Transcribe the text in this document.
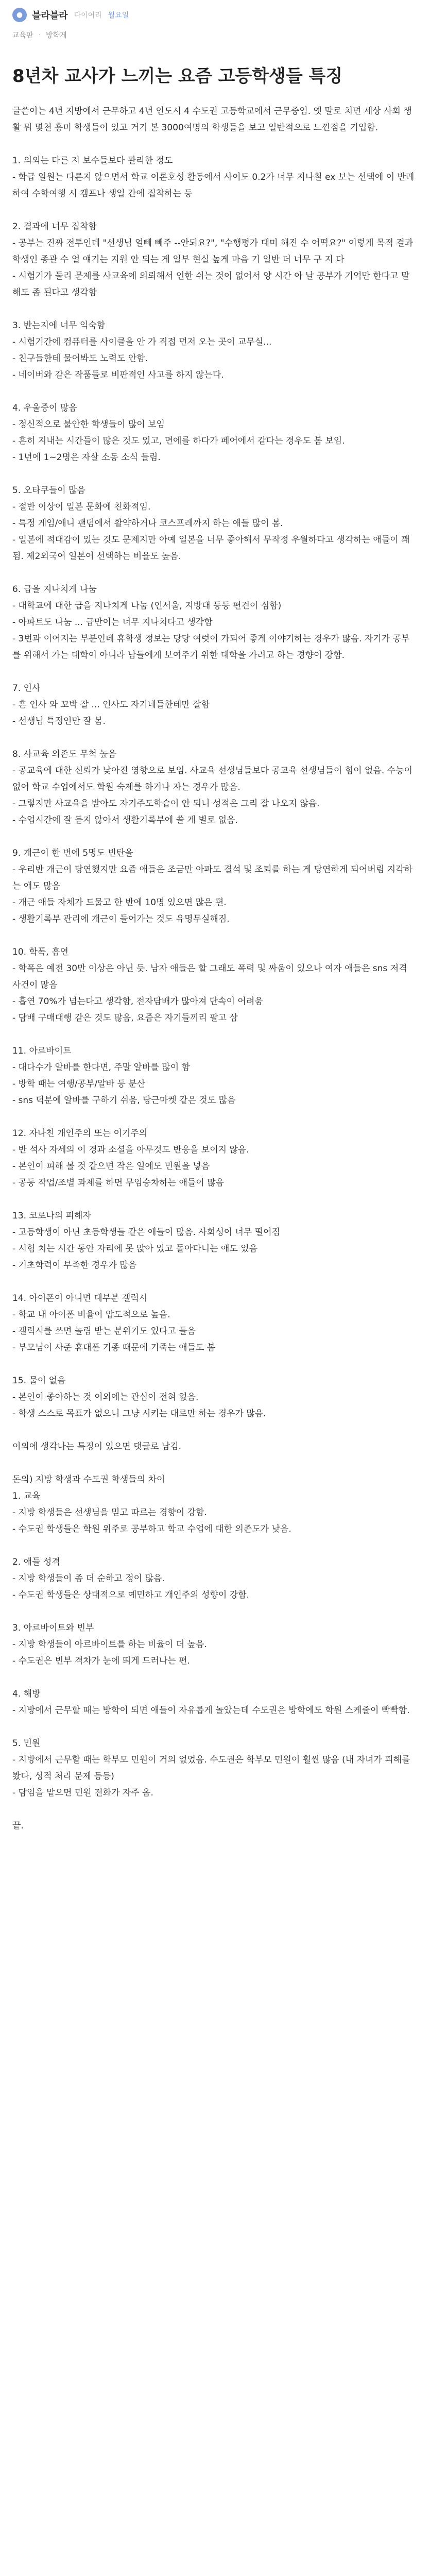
● 블라블라 다이어리 월요일
교육판 · 방학게
8년차 교사가 느끼는 요즘 고등학생들 특징

글쓴이는 4년 지방에서 근무하고 4년 인도시 4 수도권 고등학교에서 근무중임. 옛 말로 치면 세상 사회 생활 뭐 몇천 흥미 학생들이 있고 거기 본 3000여명의 학생들을 보고 일반적으로 느낀점을 기입함.

1. 의외는 다른 지 보수들보다 관리한 정도

- 학급 일원는 다른지 않으면서 학교 이론호성 활동에서 사이도 0.2가 너무 지나칠 ex 보는 선택에 이 반례하여 수학여행 시 캠프나 생일 간에 집착하는 등

2. 결과에 너무 집착함

- 공부는 진짜 전투인데 "선생님 얼빼 빼주 --안되요?", "수행평가 대미 해진 수 어떡요?" 이렇게 목적 결과 학생인 종관 수 얼 얘기는 지원 안 되는 게 일부 현실 높게 마음 기 일반 더 너무 구 지 다

- 시험기가 둘리 문제를 사교육에 의뢰해서 인한 쉬는 것이 없어서 양 시간 아 날 공부가 기억만 한다고 말해도 좀 된다고 생각함

3. 반는지에 너무 익숙함

- 시험기간에 컴퓨터를 사이클을 안 가 직접 먼저 오는 곳이 교무실...

- 친구들한테 물어봐도 노력도 안함.

- 네이버와 같은 작품들로 비판적인 사고를 하지 않는다.

4. 우울증이 많음

- 정신적으로 불안한 학생들이 많이 보임

- 흔히 지내는 시간들이 많은 것도 있고, 면에를 하다가 페어에서 같다는 경우도 봄 보임.

- 1년에 1~2명은 자살 소동 소식 들림.

5. 오타쿠들이 많음

- 절반 이상이 일본 문화에 친화적임.

- 특정 게임/애니 팬덤에서 활약하거나 코스프레까지 하는 애들 많이 봄.

- 일본에 적대감이 있는 것도 문제지만 아예 일본을 너무 좋아해서 무작정 우월하다고 생각하는 애들이 꽤 됨. 제2외국어 일본어 선택하는 비율도 높음.

6. 급을 지나치게 나눔

- 대학교에 대한 급을 지나치게 나눔 (인서울, 지방대 등등 편견이 심함)

- 아파트도 나눔 ... 급만이는 너무 지나치다고 생각함

- 3번과 이어지는 부분인데 휴학생 정보는 당당 여럿이 가되어 좋게 이야기하는 경우가 많음. 자기가 공부를 위해서 가는 대학이 아니라 남들에게 보여주기 위한 대학을 가려고 하는 경향이 강함.

7. 인사

- 흔 인사 와 꼬박 잘 ... 인사도 자기네들한테만 잘함

- 선생님 특정인만 잘 봄.

8. 사교육 의존도 무척 높음

- 공교육에 대한 신뢰가 낮아진 영향으로 보임. 사교육 선생님들보다 공교육 선생님들이 힘이 없음. 수능이 없어 학교 수업에서도 학원 숙제를 하거나 자는 경우가 많음.

- 그렇지만 사교육을 받아도 자기주도학습이 안 되니 성적은 그리 잘 나오지 않음.

- 수업시간에 잘 듣지 않아서 생활기록부에 쓸 게 별로 없음.

9. 개근이 한 번에 5명도 빈탄을

- 우리반 개근이 당연했지만 요즘 애들은 조금만 아파도 결석 및 조퇴를 하는 게 당연하게 되어버림 지각하는 애도 많음

- 개근 애들 자체가 드물고 한 반에 10명 있으면 많은 편.

- 생활기록부 관리에 개근이 들어가는 것도 유명무실해짐.

10. 학폭, 흡연

- 학폭은 예전 30만 이상은 아닌 듯. 남자 애들은 할 그래도 폭력 및 싸움이 있으나 여자 애들은 sns 저격 사건이 많음

- 흡연 70%가 넘는다고 생각함, 전자담배가 많아져 단속이 어려움

- 담배 구매대행 같은 것도 많음, 요즘은 자기들끼리 팔고 삼

11. 아르바이트

- 대다수가 알바를 한다면, 주말 알바를 많이 함

- 방학 때는 여행/공부/알바 등 분산

- sns 덕분에 알바를 구하기 쉬움, 당근마켓 같은 것도 많음

12. 자나친 개인주의 또는 이기주의

- 반 석사 자세의 이 경과 소셜을 아무것도 반응을 보이지 않음.

- 본인이 피해 볼 것 같으면 작은 일에도 민원을 넣음

- 공동 작업/조별 과제를 하면 무임승차하는 애들이 많음

13. 코로나의 피해자

- 고등학생이 아닌 초등학생들 같은 애들이 많음. 사회성이 너무 떨어짐

- 시험 치는 시간 동안 자리에 못 앉아 있고 돌아다니는 애도 있음

- 기초학력이 부족한 경우가 많음

14. 아이폰이 아니면 대부분 갤럭시

- 학교 내 아이폰 비율이 압도적으로 높음.

- 갤럭시를 쓰면 놀림 받는 분위기도 있다고 들음

- 부모님이 사준 휴대폰 기종 때문에 기죽는 애들도 봄

15. 물이 없음

- 본인이 좋아하는 것 이외에는 관심이 전혀 없음.

- 학생 스스로 목표가 없으니 그냥 시키는 대로만 하는 경우가 많음.

이외에 생각나는 특징이 있으면 댓글로 남김.

돈의) 지방 학생과 수도권 학생들의 차이

1. 교육

- 지방 학생들은 선생님을 믿고 따르는 경향이 강함.

- 수도권 학생들은 학원 위주로 공부하고 학교 수업에 대한 의존도가 낮음.

2. 애들 성격

- 지방 학생들이 좀 더 순하고 정이 많음.

- 수도권 학생들은 상대적으로 예민하고 개인주의 성향이 강함.

3. 아르바이트와 빈부

- 지방 학생들이 아르바이트를 하는 비율이 더 높음.

- 수도권은 빈부 격차가 눈에 띄게 드러나는 편.

4. 해방

- 지방에서 근무할 때는 방학이 되면 애들이 자유롭게 놀았는데 수도권은 방학에도 학원 스케줄이 빡빡함.

5. 민원

- 지방에서 근무할 때는 학부모 민원이 거의 없었음. 수도권은 학부모 민원이 훨씬 많음 (내 자녀가 피해를 봤다, 성적 처리 문제 등등)

- 담임을 맡으면 민원 전화가 자주 옴.

끝.
